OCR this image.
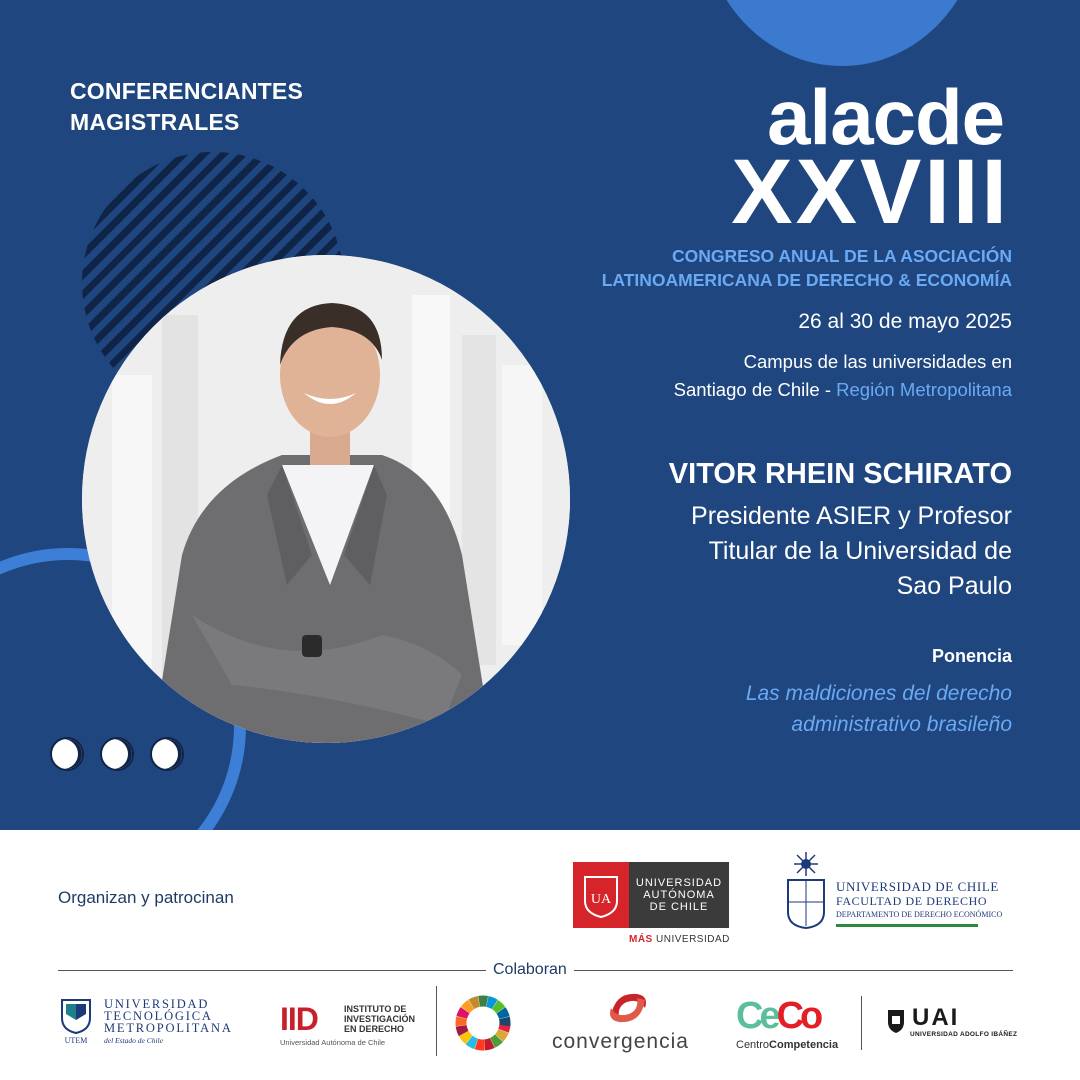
CONFERENCIANTES
MAGISTRALES	alacde
XXVIII
CONGRESO ANUAL DE LA ASOCIACIÓN
LATINOAMERICANA DE DERECHO & ECONOMÍA
26 al 30 de mayo 2025
Campus de las universidades en
Santiago de Chile - Región Metropolitana
VITOR RHEIN SCHIRATO
Presidente ASIER y Profesor
Titular de la Universidad de
Sao Paulo
Ponencia
Las maldiciones del derecho
administrativo brasileño
Organizan y patrocinan	UA
UNIVERSIDAD
AUTÓNOMA
DE CHILE
MÁS UNIVERSIDAD
UNIVERSIDAD DE CHILE
FACULTAD DE DERECHO
DEPARTAMENTO DE DERECHO ECONÓMICO
Colaboran
UTEM
UNIVERSIDAD
TECNOLÓGICA
METROPOLITANA
del Estado de Chile
IID	INSTITUTO DE
INVESTIGACIÓN
EN DERECHO
Universidad Autónoma de Chile	convergencia
CeCo
CentroCompetencia
UAI
UNIVERSIDAD ADOLFO IBÁÑEZ
